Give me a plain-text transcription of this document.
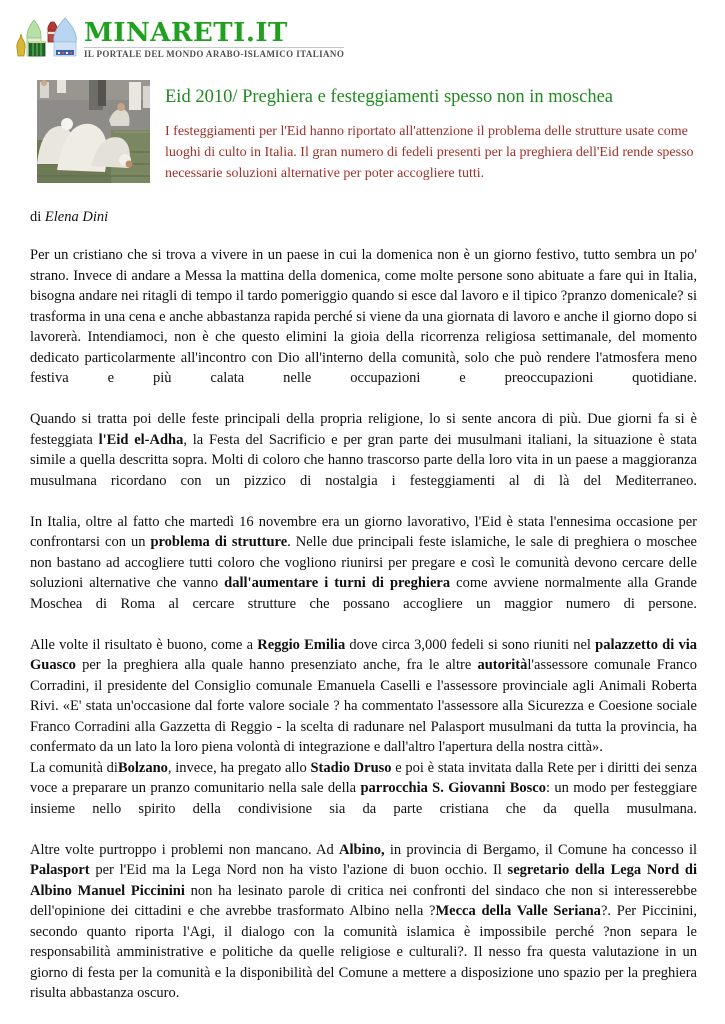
MINARETI.IT
IL PORTALE DEL MONDO ARABO-ISLAMICO ITALIANO
Eid 2010/ Preghiera e festeggiamenti spesso non in moschea

I festeggiamenti per l'Eid hanno riportato all'attenzione il problema delle strutture usate come luoghi di culto in Italia. Il gran numero di fedeli presenti per la preghiera dell'Eid rende spesso necessarie soluzioni alternative per poter accogliere tutti.

di Elena Dini

Per un cristiano che si trova a vivere in un paese in cui la domenica non è un giorno festivo, tutto sembra un po' strano. Invece di andare a Messa la mattina della domenica, come molte persone sono abituate a fare qui in Italia, bisogna andare nei ritagli di tempo il tardo pomeriggio quando si esce dal lavoro e il tipico ?pranzo domenicale? si trasforma in una cena e anche abbastanza rapida perché si viene da una giornata di lavoro e anche il giorno dopo si lavorerà. Intendiamoci, non è che questo elimini la gioia della ricorrenza religiosa settimanale, del momento dedicato particolarmente all'incontro con Dio all'interno della comunità, solo che può rendere l'atmosfera meno festiva e più calata nelle occupazioni e preoccupazioni quotidiane.

Quando si tratta poi delle feste principali della propria religione, lo si sente ancora di più. Due giorni fa si è festeggiata l'Eid el-Adha, la Festa del Sacrificio e per gran parte dei musulmani italiani, la situazione è stata simile a quella descritta sopra. Molti di coloro che hanno trascorso parte della loro vita in un paese a maggioranza musulmana ricordano con un pizzico di nostalgia i festeggiamenti al di là del Mediterraneo.

In Italia, oltre al fatto che martedì 16 novembre era un giorno lavorativo, l'Eid è stata l'ennesima occasione per confrontarsi con un problema di strutture. Nelle due principali feste islamiche, le sale di preghiera o moschee non bastano ad accogliere tutti coloro che vogliono riunirsi per pregare e così le comunità devono cercare delle soluzioni alternative che vanno dall'aumentare i turni di preghiera come avviene normalmente alla Grande Moschea di Roma al cercare strutture che possano accogliere un maggior numero di persone.

Alle volte il risultato è buono, come a Reggio Emilia dove circa 3,000 fedeli si sono riuniti nel palazzetto di via Guasco per la preghiera alla quale hanno presenziato anche, fra le altre autoritàl'assessore comunale Franco Corradini, il presidente del Consiglio comunale Emanuela Caselli e l'assessore provinciale agli Animali Roberta Rivi. «E' stata un'occasione dal forte valore sociale ? ha commentato l'assessore alla Sicurezza e Coesione sociale Franco Corradini alla Gazzetta di Reggio - la scelta di radunare nel Palasport musulmani da tutta la provincia, ha confermato da un lato la loro piena volontà di integrazione e dall'altro l'apertura della nostra città».

La comunità diBolzano, invece, ha pregato allo Stadio Druso e poi è stata invitata dalla Rete per i diritti dei senza voce a preparare un pranzo comunitario nella sale della parrocchia S. Giovanni Bosco: un modo per festeggiare insieme nello spirito della condivisione sia da parte cristiana che da quella musulmana.

Altre volte purtroppo i problemi non mancano. Ad Albino, in provincia di Bergamo, il Comune ha concesso il Palasport per l'Eid ma la Lega Nord non ha visto l'azione di buon occhio. Il segretario della Lega Nord di Albino Manuel Piccinini non ha lesinato parole di critica nei confronti del sindaco che non si interesserebbe dell'opinione dei cittadini e che avrebbe trasformato Albino nella ?Mecca della Valle Seriana?. Per Piccinini, secondo quanto riporta l'Agi, il dialogo con la comunità islamica è impossibile perché ?non separa le responsabilità amministrative e politiche da quelle religiose e culturali?. Il nesso fra questa valutazione in un giorno di festa per la comunità e la disponibilità del Comune a mettere a disposizione uno spazio per la preghiera risulta abbastanza oscuro.
